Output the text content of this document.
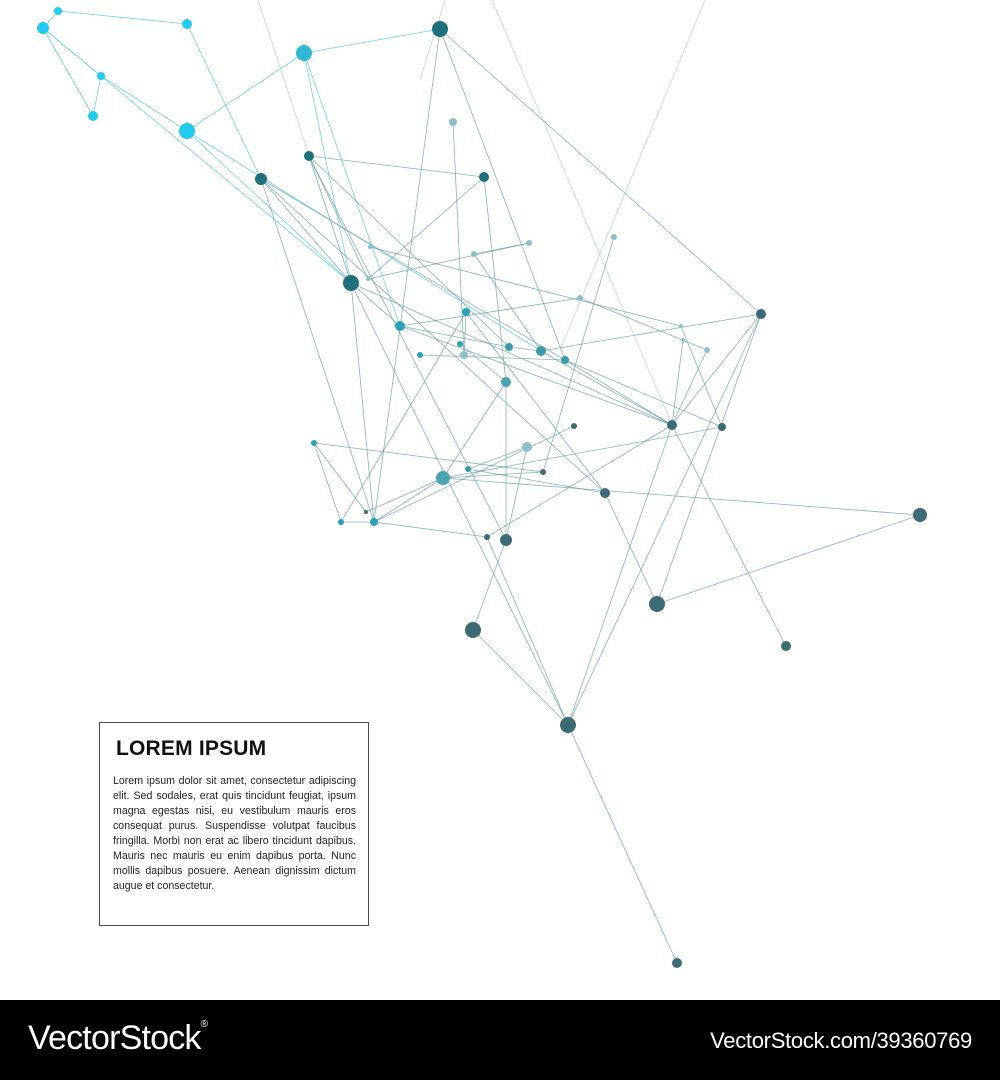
LOREM IPSUM

Lorem ipsum dolor sit amet, consectetur adipiscing elit. Sed sodales, erat quis tincidunt feugiat, ipsum magna egestas nisi, eu vestibulum mauris eros consequat purus. Suspendisse volutpat faucibus fringilla. Morbi non erat ac libero tincidunt dapibus. Mauris nec mauris eu enim dapibus porta. Nunc mollis dapibus posuere. Aenean dignissim dictum augue et consectetur.

VectorStock®
VectorStock.com/39360769
